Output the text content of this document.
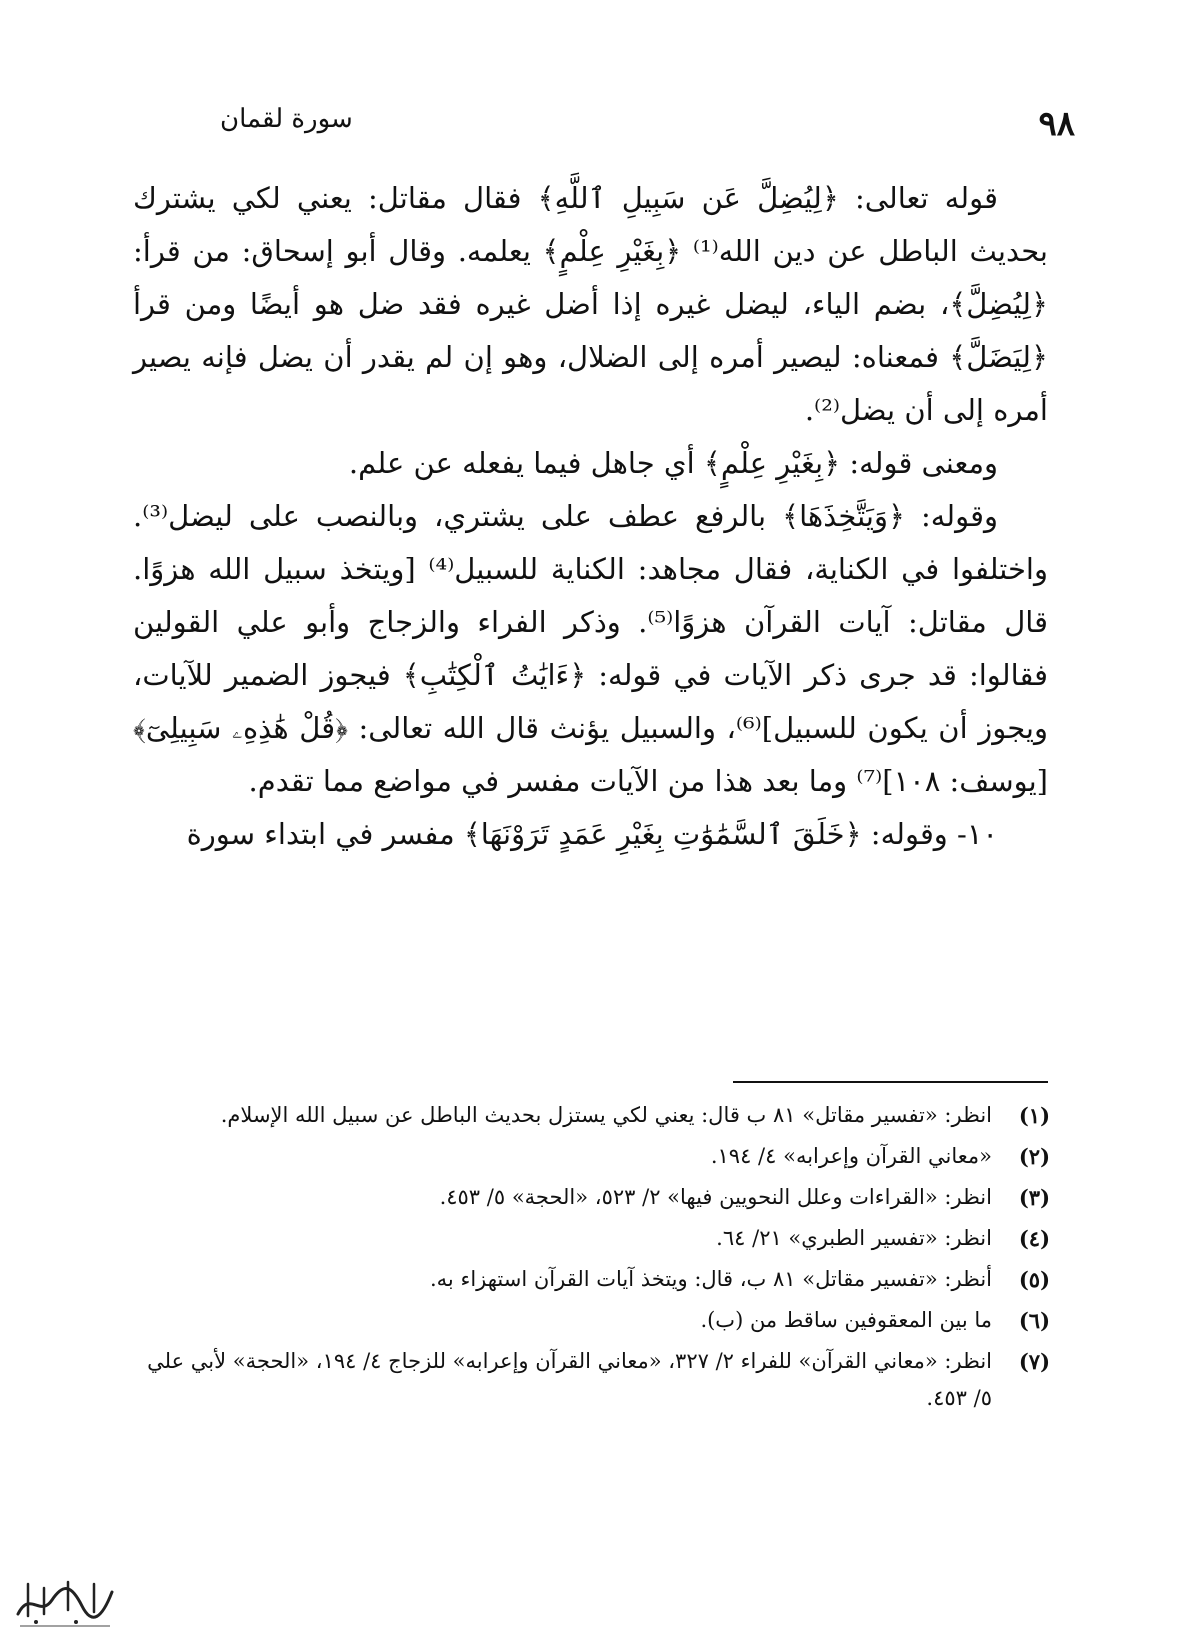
٩٨
سورة لقمان

قوله تعالى: ﴿لِيُضِلَّ عَن سَبِيلِ ٱللَّهِ﴾ فقال مقاتل: يعني لكي يشترك بحديث الباطل عن دين الله⁽¹⁾ ﴿بِغَيْرِ عِلْمٍ﴾ يعلمه. وقال أبو إسحاق: من قرأ: ﴿لِيُضِلَّ﴾، بضم الياء، ليضل غيره إذا أضل غيره فقد ضل هو أيضًا ومن قرأ ﴿لِيَضَلَّ﴾ فمعناه: ليصير أمره إلى الضلال، وهو إن لم يقدر أن يضل فإنه يصير أمره إلى أن يضل⁽²⁾.

ومعنى قوله: ﴿بِغَيْرِ عِلْمٍ﴾ أي جاهل فيما يفعله عن علم.

وقوله: ﴿وَيَتَّخِذَهَا﴾ بالرفع عطف على يشتري، وبالنصب على ليضل⁽³⁾. واختلفوا في الكناية، فقال مجاهد: الكناية للسبيل⁽⁴⁾ [ويتخذ سبيل الله هزوًا. قال مقاتل: آيات القرآن هزوًا⁽⁵⁾. وذكر الفراء والزجاج وأبو علي القولين فقالوا: قد جرى ذكر الآيات في قوله: ﴿ءَايَٰتُ ٱلْكِتَٰبِ﴾ فيجوز الضمير للآيات، ويجوز أن يكون للسبيل]⁽⁶⁾، والسبيل يؤنث قال الله تعالى: ﴿قُلْ هَٰذِهِۦ سَبِيلِىٓ﴾ [يوسف: ١٠٨]⁽⁷⁾ وما بعد هذا من الآيات مفسر في مواضع مما تقدم.

١٠- وقوله: ﴿خَلَقَ ٱلسَّمَٰوَٰتِ بِغَيْرِ عَمَدٍ تَرَوْنَهَا﴾ مفسر في ابتداء سورة

(١)
انظر: «تفسير مقاتل» ٨١ ب قال: يعني لكي يستزل بحديث الباطل عن سبيل الله الإسلام.
(٢)
«معاني القرآن وإعرابه» ٤/ ١٩٤.
(٣)
انظر: «القراءات وعلل النحويين فيها» ٢/ ٥٢٣، «الحجة» ٥/ ٤٥٣.
(٤)
انظر: «تفسير الطبري» ٢١/ ٦٤.
(٥)
أنظر: «تفسير مقاتل» ٨١ ب، قال: ويتخذ آيات القرآن استهزاء به.
(٦)
ما بين المعقوفين ساقط من (ب).
(٧)
انظر: «معاني القرآن» للفراء ٢/ ٣٢٧، «معاني القرآن وإعرابه» للزجاج ٤/ ١٩٤، «الحجة» لأبي علي ٥/ ٤٥٣.
